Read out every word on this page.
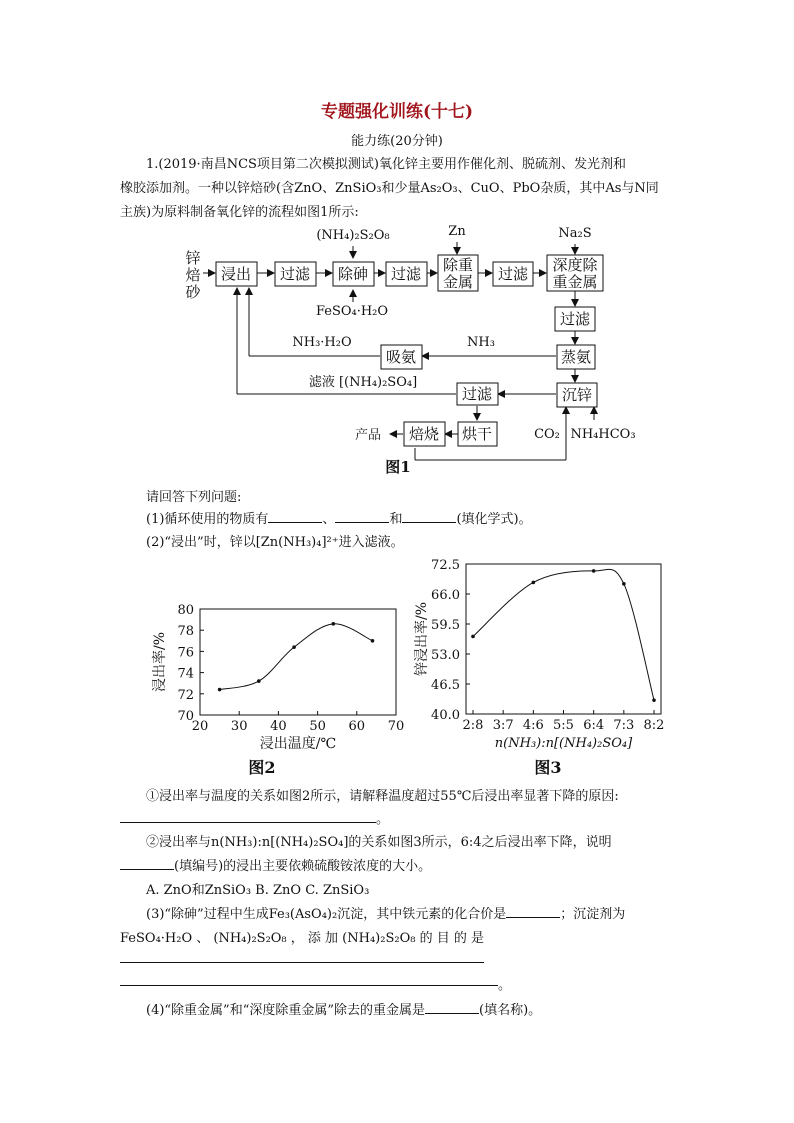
专题强化训练(十七)
能力练(20分钟)
1.(2019·南昌NCS项目第二次模拟测试)氧化锌主要用作催化剂、脱硫剂、发光剂和
橡胶添加剂。一种以锌焙砂(含ZnO、ZnSiO₃和少量As₂O₃、CuO、PbO杂质，其中As与N同
主族)为原料制备氧化锌的流程如图1所示:
锌
焙
砂
浸出 过滤 除砷 过滤 除重
金属 过滤 深度除
重金属
过滤
蒸氨
吸氨
沉锌
过滤
烘干
焙烧
(NH₄)₂S₂O₈	Zn	Na₂S
FeSO₄·H₂O
NH₃·H₂O	NH₃
滤液 [(NH₄)₂SO₄]
产品	CO₂ NH₄HCO₃
图1
请回答下列问题:
(1)循环使用的物质有	、	和	(填化学式)。
(2)“浸出”时，锌以[Zn(NH₃)₄]²⁺进入滤液。
20 30 40 50 60 70
70
72
74
76
78
80
浸出温度/℃
浸出率/%
图2
2:8 3:7 4:6 5:5 6:4 7:3 8:2
40.0
46.5
53.0
59.5
66.0
72.5
n(NH₃):n[(NH₄)₂SO₄]
锌浸出率/%
图3
①浸出率与温度的关系如图2所示，请解释温度超过55℃后浸出率显著下降的原因:
。
②浸出率与n(NH₃):n[(NH₄)₂SO₄]的关系如图3所示，6:4之后浸出率下降，说明
(填编号)的浸出主要依赖硫酸铵浓度的大小。
A. ZnO和ZnSiO₃ B. ZnO C. ZnSiO₃
(3)“除砷”过程中生成Fe₃(AsO₄)₂沉淀，其中铁元素的化合价是	；沉淀剂为
FeSO₄·H₂O 、 (NH₄)₂S₂O₈ ， 添 加 (NH₄)₂S₂O₈ 的 目 的 是
。
(4)“除重金属”和“深度除重金属”除去的重金属是	(填名称)。
